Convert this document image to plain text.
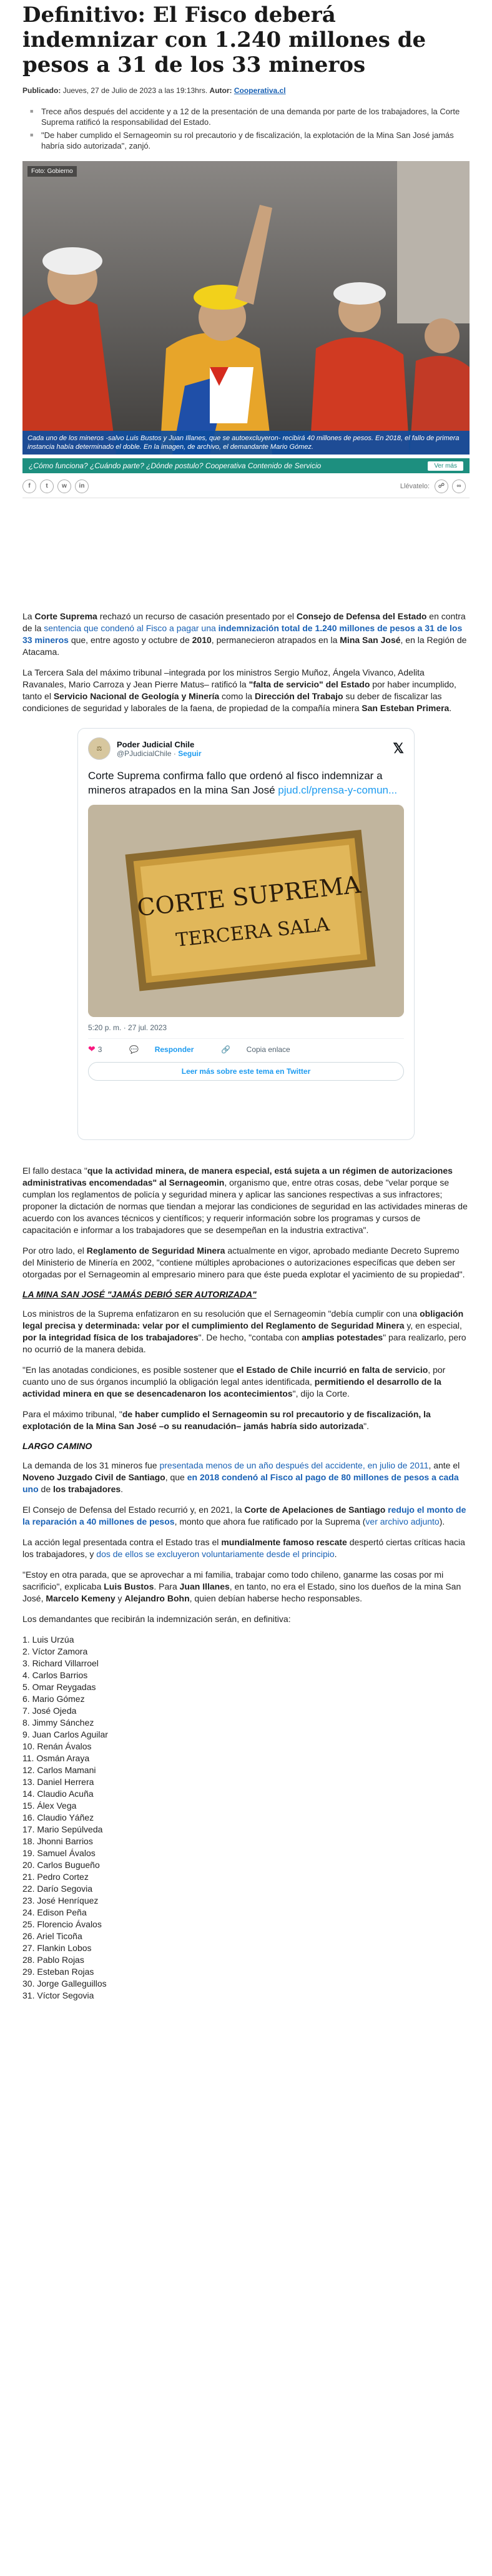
Definitivo: El Fisco deberá indemnizar con 1.240 millones de pesos a 31 de los 33 mineros
Publicado: Jueves, 27 de Julio de 2023 a las 19:13hrs. Autor: Cooperativa.cl
■ Trece años después del accidente y a 12 de la presentación de una demanda por parte de los trabajadores, la Corte Suprema ratificó la responsabilidad del Estado.
■ "De haber cumplido el Sernageomin su rol precautorio y de fiscalización, la explotación de la Mina San José jamás habría sido autorizada", zanjó.
Foto: Gobierno
Cada uno de los mineros -salvo Luis Bustos y Juan Illanes, que se autoexcluyeron- recibirá 40 millones de pesos. En 2018, el fallo de primera instancia había determinado el doble. En la imagen, de archivo, el demandante Mario Gómez.
¿Cómo funciona? ¿Cuándo parte? ¿Dónde postulo? Cooperativa Contenido de Servicio	Ver más
f	t	w	in	Llévatelo:	☍	∞

La Corte Suprema rechazó un recurso de casación presentado por el Consejo de Defensa del Estado en contra de la sentencia que condenó al Fisco a pagar una indemnización total de 1.240 millones de pesos a 31 de los 33 mineros que, entre agosto y octubre de 2010, permanecieron atrapados en la Mina San José, en la Región de Atacama.

La Tercera Sala del máximo tribunal –integrada por los ministros Sergio Muñoz, Ángela Vivanco, Adelita Ravanales, Mario Carroza y Jean Pierre Matus– ratificó la "falta de servicio" del Estado por haber incumplido, tanto el Servicio Nacional de Geología y Minería como la Dirección del Trabajo su deber de fiscalizar las condiciones de seguridad y laborales de la faena, de propiedad de la compañía minera San Esteban Primera.

⚖	Poder Judicial Chile
@PJudicialChile · Seguir	𝕏
Corte Suprema confirma fallo que ordenó al fisco indemnizar a mineros atrapados en la mina San José pjud.cl/prensa-y-comun...
CORTE SUPREMA
TERCERA SALA
5:20 p. m. · 27 jul. 2023
❤ 3	💬 Responder	🔗 Copia enlace
Leer más sobre este tema en Twitter

El fallo destaca "que la actividad minera, de manera especial, está sujeta a un régimen de autorizaciones administrativas encomendadas" al Sernageomin, organismo que, entre otras cosas, debe "velar porque se cumplan los reglamentos de policía y seguridad minera y aplicar las sanciones respectivas a sus infractores; proponer la dictación de normas que tiendan a mejorar las condiciones de seguridad en las actividades mineras de acuerdo con los avances técnicos y científicos; y requerir información sobre los programas y cursos de capacitación e informar a los trabajadores que se desempeñan en la industria extractiva".

Por otro lado, el Reglamento de Seguridad Minera actualmente en vigor, aprobado mediante Decreto Supremo del Ministerio de Minería en 2002, "contiene múltiples aprobaciones o autorizaciones específicas que deben ser otorgadas por el Sernageomin al empresario minero para que éste pueda explotar el yacimiento de su propiedad".

LA MINA SAN JOSÉ "JAMÁS DEBIÓ SER AUTORIZADA"

Los ministros de la Suprema enfatizaron en su resolución que el Sernageomin "debía cumplir con una obligación legal precisa y determinada: velar por el cumplimiento del Reglamento de Seguridad Minera y, en especial, por la integridad física de los trabajadores". De hecho, "contaba con amplias potestades" para realizarlo, pero no ocurrió de la manera debida.

"En las anotadas condiciones, es posible sostener que el Estado de Chile incurrió en falta de servicio, por cuanto uno de sus órganos incumplió la obligación legal antes identificada, permitiendo el desarrollo de la actividad minera en que se desencadenaron los acontecimientos", dijo la Corte.

Para el máximo tribunal, "de haber cumplido el Sernageomin su rol precautorio y de fiscalización, la explotación de la Mina San José –o su reanudación– jamás habría sido autorizada".

LARGO CAMINO

La demanda de los 31 mineros fue presentada menos de un año después del accidente, en julio de 2011, ante el Noveno Juzgado Civil de Santiago, que en 2018 condenó al Fisco al pago de 80 millones de pesos a cada uno de los trabajadores.

El Consejo de Defensa del Estado recurrió y, en 2021, la Corte de Apelaciones de Santiago redujo el monto de la reparación a 40 millones de pesos, monto que ahora fue ratificado por la Suprema (ver archivo adjunto).

La acción legal presentada contra el Estado tras el mundialmente famoso rescate despertó ciertas críticas hacia los trabajadores, y dos de ellos se excluyeron voluntariamente desde el principio.

"Estoy en otra parada, que se aprovechar a mi familia, trabajar como todo chileno, ganarme las cosas por mi sacrificio", explicaba Luis Bustos. Para Juan Illanes, en tanto, no era el Estado, sino los dueños de la mina San José, Marcelo Kemeny y Alejandro Bohn, quien debían haberse hecho responsables.

Los demandantes que recibirán la indemnización serán, en definitiva:

1. Luis Urzúa
2. Víctor Zamora
3. Richard Villarroel
4. Carlos Barrios
5. Omar Reygadas
6. Mario Gómez
7. José Ojeda
8. Jimmy Sánchez
9. Juan Carlos Aguilar
10. Renán Ávalos
11. Osmán Araya
12. Carlos Mamani
13. Daniel Herrera
14. Claudio Acuña
15. Álex Vega
16. Claudio Yáñez
17. Mario Sepúlveda
18. Jhonni Barrios
19. Samuel Ávalos
20. Carlos Bugueño
21. Pedro Cortez
22. Darío Segovia
23. José Henríquez
24. Edison Peña
25. Florencio Ávalos
26. Ariel Ticoña
27. Flankin Lobos
28. Pablo Rojas
29. Esteban Rojas
30. Jorge Galleguillos
31. Víctor Segovia
